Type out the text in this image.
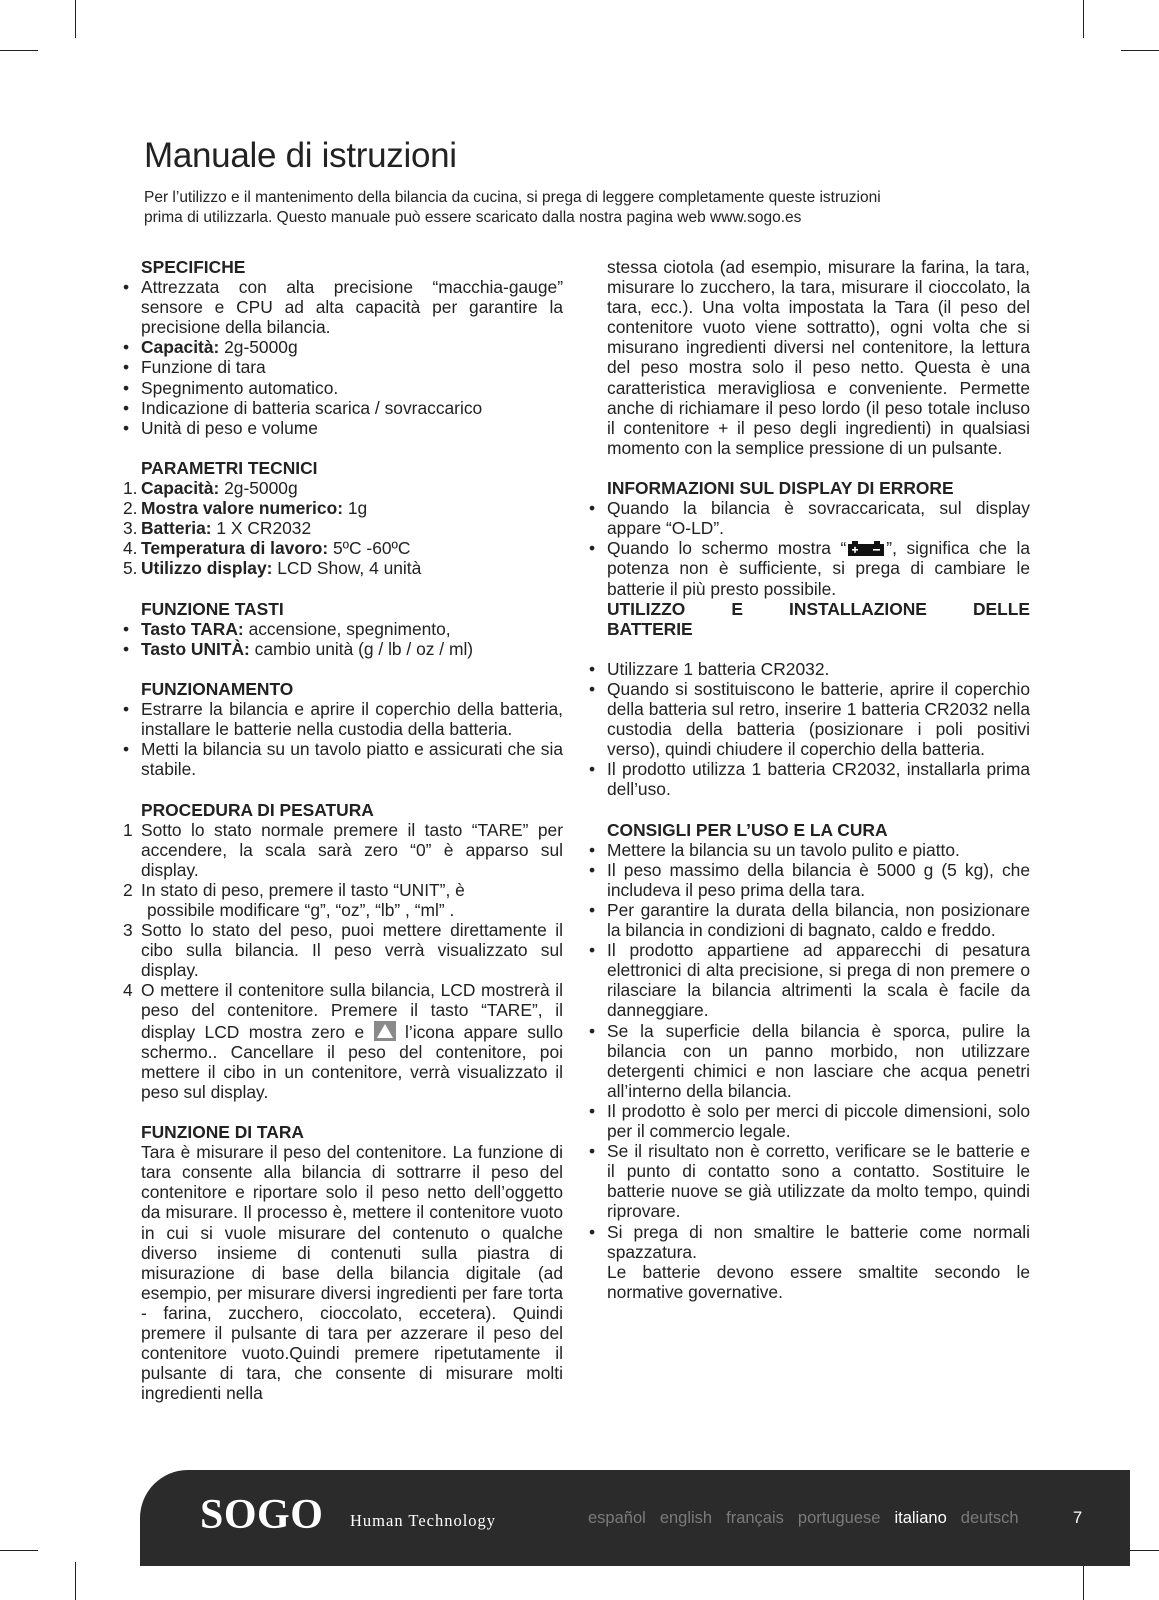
Manuale di istruzioni

Per l’utilizzo e il mantenimento della bilancia da cucina, si prega di leggere completamente queste istruzioni
prima di utilizzarla. Questo manuale può essere scaricato dalla nostra pagina web www.sogo.es

SPECIFICHE
• Attrezzata con alta precisione “macchia-gauge” sensore e CPU ad alta capacità per garantire la precisione della bilancia.
• Capacità: 2g-5000g
• Funzione di tara
• Spegnimento automatico.
• Indicazione di batteria scarica / sovraccarico
• Unità di peso e volume
PARAMETRI TECNICI
1. Capacità: 2g-5000g
2. Mostra valore numerico: 1g
3. Batteria: 1 X CR2032
4. Temperatura di lavoro: 5ºC -60ºC
5. Utilizzo display: LCD Show, 4 unità
FUNZIONE TASTI
• Tasto TARA: accensione, spegnimento,
• Tasto UNITÀ: cambio unità (g / lb / oz / ml)
FUNZIONAMENTO
• Estrarre la bilancia e aprire il coperchio della batteria, installare le batterie nella custodia della batteria.
• Metti la bilancia su un tavolo piatto e assicurati che sia stabile.
PROCEDURA DI PESATURA
1 Sotto lo stato normale premere il tasto “TARE” per accendere, la scala sarà zero “0” è apparso sul display.
2 In stato di peso, premere il tasto “UNIT”, è
possibile modificare “g”, “oz”, “lb” , “ml” .
3 Sotto lo stato del peso, puoi mettere direttamente il cibo sulla bilancia. Il peso verrà visualizzato sul display.
4 O mettere il contenitore sulla bilancia, LCD mostrerà il peso del contenitore. Premere il tasto “TARE”, il display LCD mostra zero e  l’icona appare sullo schermo.. Cancellare il peso del contenitore, poi mettere il cibo in un contenitore, verrà visualizzato il peso sul display.
FUNZIONE DI TARA
Tara è misurare il peso del contenitore. La funzione di tara consente alla bilancia di sottrarre il peso del contenitore e riportare solo il peso netto dell’oggetto da misurare. Il processo è, mettere il contenitore vuoto in cui si vuole misurare del contenuto o qualche diverso insieme di contenuti sulla piastra di misurazione di base della bilancia digitale (ad esempio, per misurare diversi ingredienti per fare torta - farina, zucchero, cioccolato, eccetera). Quindi premere il pulsante di tara per azzerare il peso del contenitore vuoto.Quindi premere ripetutamente il pulsante di tara, che consente di misurare molti ingredienti nella
stessa ciotola (ad esempio, misurare la farina, la tara, misurare lo zucchero, la tara, misurare il cioccolato, la tara, ecc.). Una volta impostata la Tara (il peso del contenitore vuoto viene sottratto), ogni volta che si misurano ingredienti diversi nel contenitore, la lettura del peso mostra solo il peso netto. Questa è una caratteristica meravigliosa e conveniente. Permette anche di richiamare il peso lordo (il peso totale incluso il contenitore + il peso degli ingredienti) in qualsiasi momento con la semplice pressione di un pulsante.
INFORMAZIONI SUL DISPLAY DI ERRORE
• Quando la bilancia è sovraccaricata, sul display appare “O-LD”.
• Quando lo schermo mostra “ ”, significa che la potenza non è sufficiente, si prega di cambiare le batterie il più presto possibile.
UTILIZZO E INSTALLAZIONE DELLE
BATTERIE
• Utilizzare 1 batteria CR2032.
• Quando si sostituiscono le batterie, aprire il coperchio della batteria sul retro, inserire 1 batteria CR2032 nella custodia della batteria (posizionare i poli positivi verso), quindi chiudere il coperchio della batteria.
• Il prodotto utilizza 1 batteria CR2032, installarla prima dell’uso.
CONSIGLI PER L’USO E LA CURA
• Mettere la bilancia su un tavolo pulito e piatto.
• Il peso massimo della bilancia è 5000 g (5 kg), che includeva il peso prima della tara.
• Per garantire la durata della bilancia, non posizionare la bilancia in condizioni di bagnato, caldo e freddo.
• Il prodotto appartiene ad apparecchi di pesatura elettronici di alta precisione, si prega di non premere o rilasciare la bilancia altrimenti la scala è facile da danneggiare.
• Se la superficie della bilancia è sporca, pulire la bilancia con un panno morbido, non utilizzare detergenti chimici e non lasciare che acqua penetri all’interno della bilancia.
• Il prodotto è solo per merci di piccole dimensioni, solo per il commercio legale.
• Se il risultato non è corretto, verificare se le batterie e il punto di contatto sono a contatto. Sostituire le batterie nuove se già utilizzate da molto tempo, quindi riprovare.
• Si prega di non smaltire le batterie come normali spazzatura.
Le batterie devono essere smaltite secondo le normative governative.
SOGO Human Technology	español english français portuguese italiano deutsch	7
